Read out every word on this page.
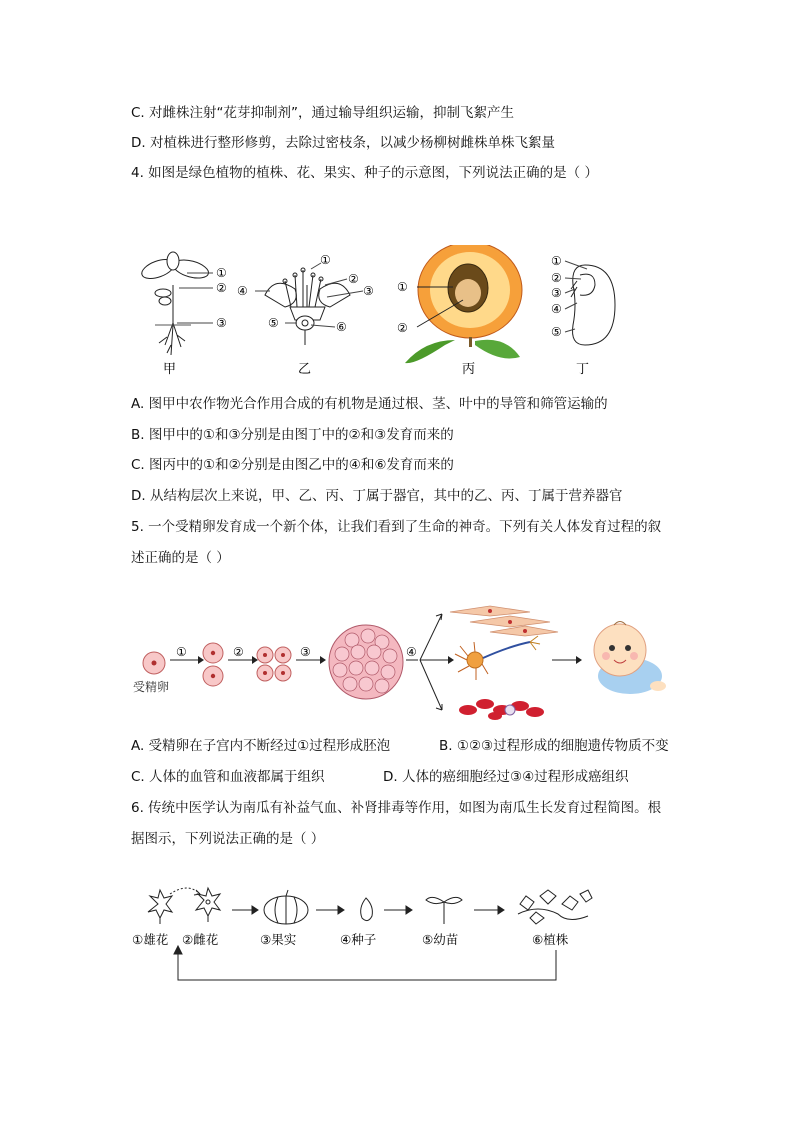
C. 对雌株注射“花芽抑制剂”，通过输导组织运输，抑制飞絮产生
D. 对植株进行整形修剪，去除过密枝条，以减少杨柳树雌株单株飞絮量
4. 如图是绿色植物的植株、花、果实、种子的示意图，下列说法正确的是（ ）
①
②
③
甲
①
②
③
④
⑤	⑥
乙
①
②
丙
①
②
③
④
⑤
丁
A. 图甲中农作物光合作用合成的有机物是通过根、茎、叶中的导管和筛管运输的
B. 图甲中的①和③分别是由图丁中的②和③发育而来的
C. 图丙中的①和②分别是由图乙中的④和⑥发育而来的
D. 从结构层次上来说，甲、乙、丙、丁属于器官，其中的乙、丙、丁属于营养器官
5. 一个受精卵发育成一个新个体，让我们看到了生命的神奇。下列有关人体发育过程的叙
述正确的是（ ）
受精卵
①	②	③	④
A. 受精卵在子宫内不断经过①过程形成胚泡	B. ①②③过程形成的细胞遗传物质不变
C. 人体的血管和血液都属于组织	D. 人体的癌细胞经过③④过程形成癌组织
6. 传统中医学认为南瓜有补益气血、补肾排毒等作用，如图为南瓜生长发育过程简图。根
据图示，下列说法正确的是（ ）
①雄花 ②雌花	③果实	④种子	⑤幼苗	⑥植株
